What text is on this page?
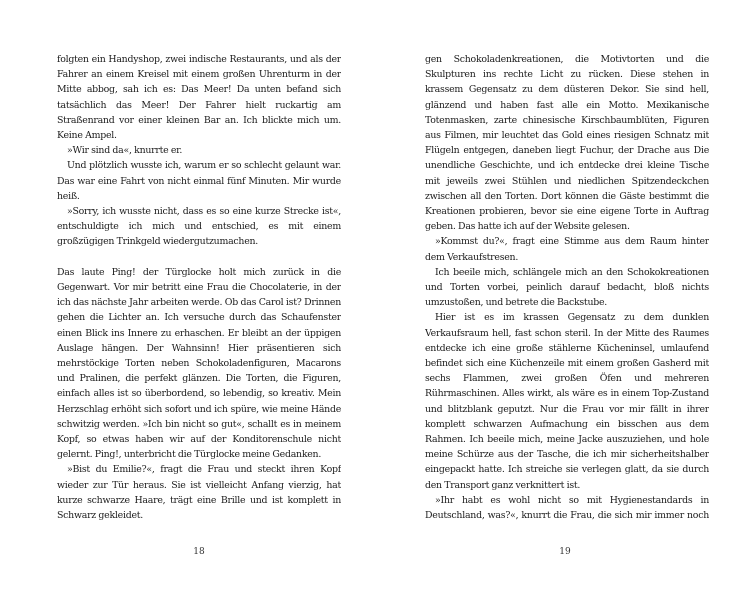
folgten ein Handyshop, zwei indische Restaurants, und als der Fahrer an einem Kreisel mit einem großen Uhrenturm in der Mitte abbog, sah ich es: Das Meer! Da unten befand sich tatsächlich das Meer! Der Fahrer hielt ruckartig am Straßenrand vor einer kleinen Bar an. Ich blickte mich um. Keine Ampel.

»Wir sind da«, knurrte er.

Und plötzlich wusste ich, warum er so schlecht gelaunt war. Das war eine Fahrt von nicht einmal fünf Minuten. Mir wurde heiß.

»Sorry, ich wusste nicht, dass es so eine kurze Strecke ist«, entschuldigte ich mich und entschied, es mit einem großzügigen Trinkgeld wiedergutzumachen.

Das laute Ping! der Türglocke holt mich zurück in die Gegenwart. Vor mir betritt eine Frau die Chocolaterie, in der ich das nächste Jahr arbeiten werde. Ob das Carol ist? Drinnen gehen die Lichter an. Ich versuche durch das Schaufenster einen Blick ins Innere zu erhaschen. Er bleibt an der üppigen Auslage hängen. Der Wahnsinn! Hier präsentieren sich mehrstöckige Torten neben Schokoladenfiguren, Macarons und Pralinen, die perfekt glänzen. Die Torten, die Figuren, einfach alles ist so überbordend, so lebendig, so kreativ. Mein Herzschlag erhöht sich sofort und ich spüre, wie meine Hände schwitzig werden. »Ich bin nicht so gut«, schallt es in meinem Kopf, so etwas haben wir auf der Konditorenschule nicht gelernt. Ping!, unterbricht die Türglocke meine Gedanken.

»Bist du Emilie?«, fragt die Frau und steckt ihren Kopf wieder zur Tür heraus. Sie ist vielleicht Anfang vierzig, hat kurze schwarze Haare, trägt eine Brille und ist komplett in Schwarz gekleidet.

gen Schokoladenkreationen, die Motivtorten und die Skulpturen ins rechte Licht zu rücken. Diese stehen in krassem Gegensatz zu dem düsteren Dekor. Sie sind hell, glänzend und haben fast alle ein Motto. Mexikanische Totenmasken, zarte chinesische Kirschbaumblüten, Figuren aus Filmen, mir leuchtet das Gold eines riesigen Schnatz mit Flügeln entgegen, daneben liegt Fuchur, der Drache aus Die unendliche Geschichte, und ich entdecke drei kleine Tische mit jeweils zwei Stühlen und niedlichen Spitzendeckchen zwischen all den Torten. Dort können die Gäste bestimmt die Kreationen probieren, bevor sie eine eigene Torte in Auftrag geben. Das hatte ich auf der Website gelesen.

»Kommst du?«, fragt eine Stimme aus dem Raum hinter dem Verkaufstresen.

Ich beeile mich, schlängele mich an den Schokokreationen und Torten vorbei, peinlich darauf bedacht, bloß nichts umzustoßen, und betrete die Backstube.

Hier ist es im krassen Gegensatz zu dem dunklen Verkaufsraum hell, fast schon steril. In der Mitte des Raumes entdecke ich eine große stählerne Kücheninsel, umlaufend befindet sich eine Küchenzeile mit einem großen Gasherd mit sechs Flammen, zwei großen Öfen und mehreren Rührmaschinen. Alles wirkt, als wäre es in einem Top-Zustand und blitzblank geputzt. Nur die Frau vor mir fällt in ihrer komplett schwarzen Aufmachung ein bisschen aus dem Rahmen. Ich beeile mich, meine Jacke auszuziehen, und hole meine Schürze aus der Tasche, die ich mir sicherheitshalber eingepackt hatte. Ich streiche sie verlegen glatt, da sie durch den Transport ganz verknittert ist.

»Ihr habt es wohl nicht so mit Hygienestandards in Deutschland, was?«, knurrt die Frau, die sich mir immer noch

18	19
